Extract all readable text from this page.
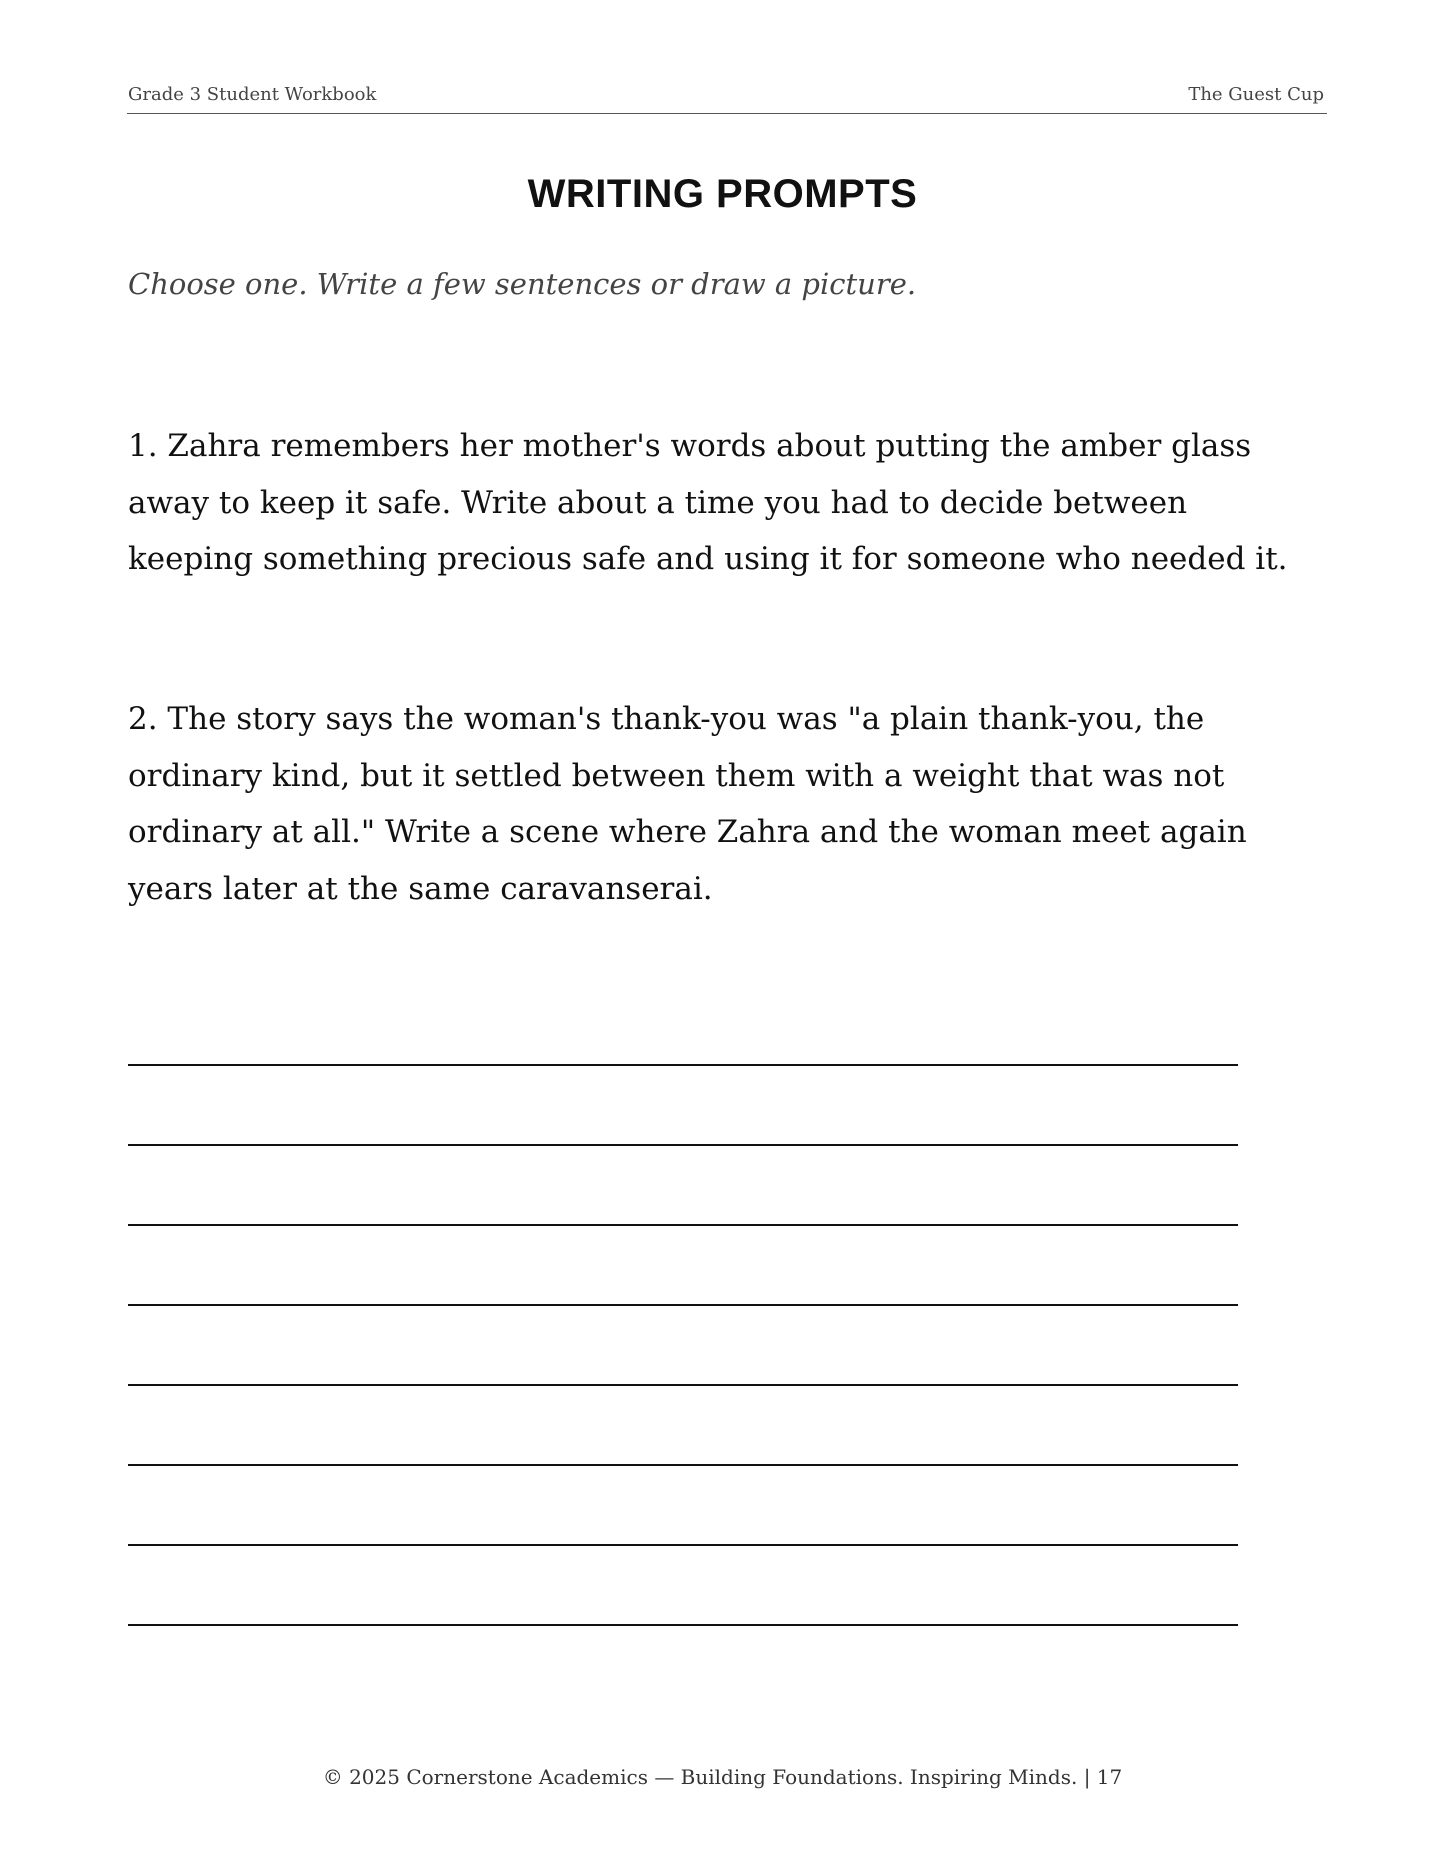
Grade 3 Student Workbook	The Guest Cup
WRITING PROMPTS
Choose one. Write a few sentences or draw a picture.
1. Zahra remembers her mother's words about putting the amber glass away to keep it safe. Write about a time you had to decide between keeping something precious safe and using it for someone who needed it.
2. The story says the woman's thank-you was "a plain thank-you, the ordinary kind, but it settled between them with a weight that was not ordinary at all." Write a scene where Zahra and the woman meet again years later at the same caravanserai.
© 2025 Cornerstone Academics — Building Foundations. Inspiring Minds. | 17
